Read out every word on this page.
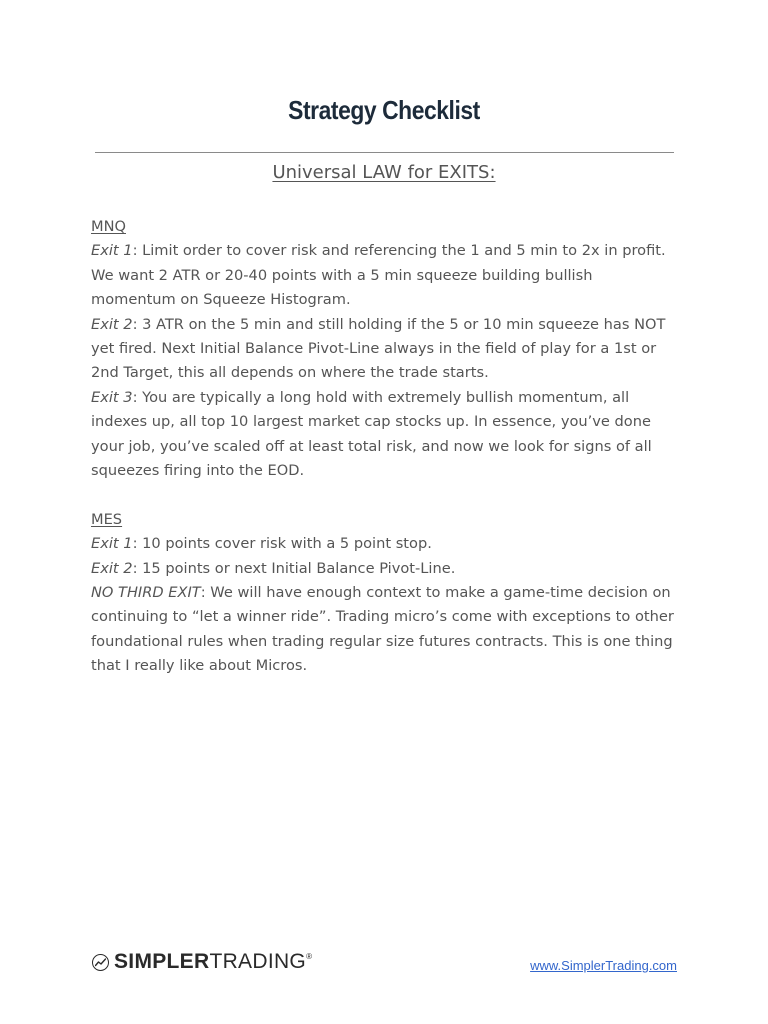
Strategy Checklist
Universal LAW for EXITS:

MNQ

Exit 1: Limit order to cover risk and referencing the 1 and 5 min to 2x in profit. We want 2 ATR or 20-40 points with a 5 min squeeze building bullish momentum on Squeeze Histogram.

Exit 2: 3 ATR on the 5 min and still holding if the 5 or 10 min squeeze has NOT yet fired. Next Initial Balance Pivot-Line always in the field of play for a 1st or 2nd Target, this all depends on where the trade starts.

Exit 3: You are typically a long hold with extremely bullish momentum, all indexes up, all top 10 largest market cap stocks up. In essence, you’ve done your job, you’ve scaled off at least total risk, and now we look for signs of all squeezes firing into the EOD.

MES

Exit 1: 10 points cover risk with a 5 point stop.

Exit 2: 15 points or next Initial Balance Pivot-Line.

NO THIRD EXIT: We will have enough context to make a game-time decision on continuing to “let a winner ride”. Trading micro’s come with exceptions to other foundational rules when trading regular size futures contracts. This is one thing that I really like about Micros.

SIMPLERTRADING®
www.SimplerTrading.com
